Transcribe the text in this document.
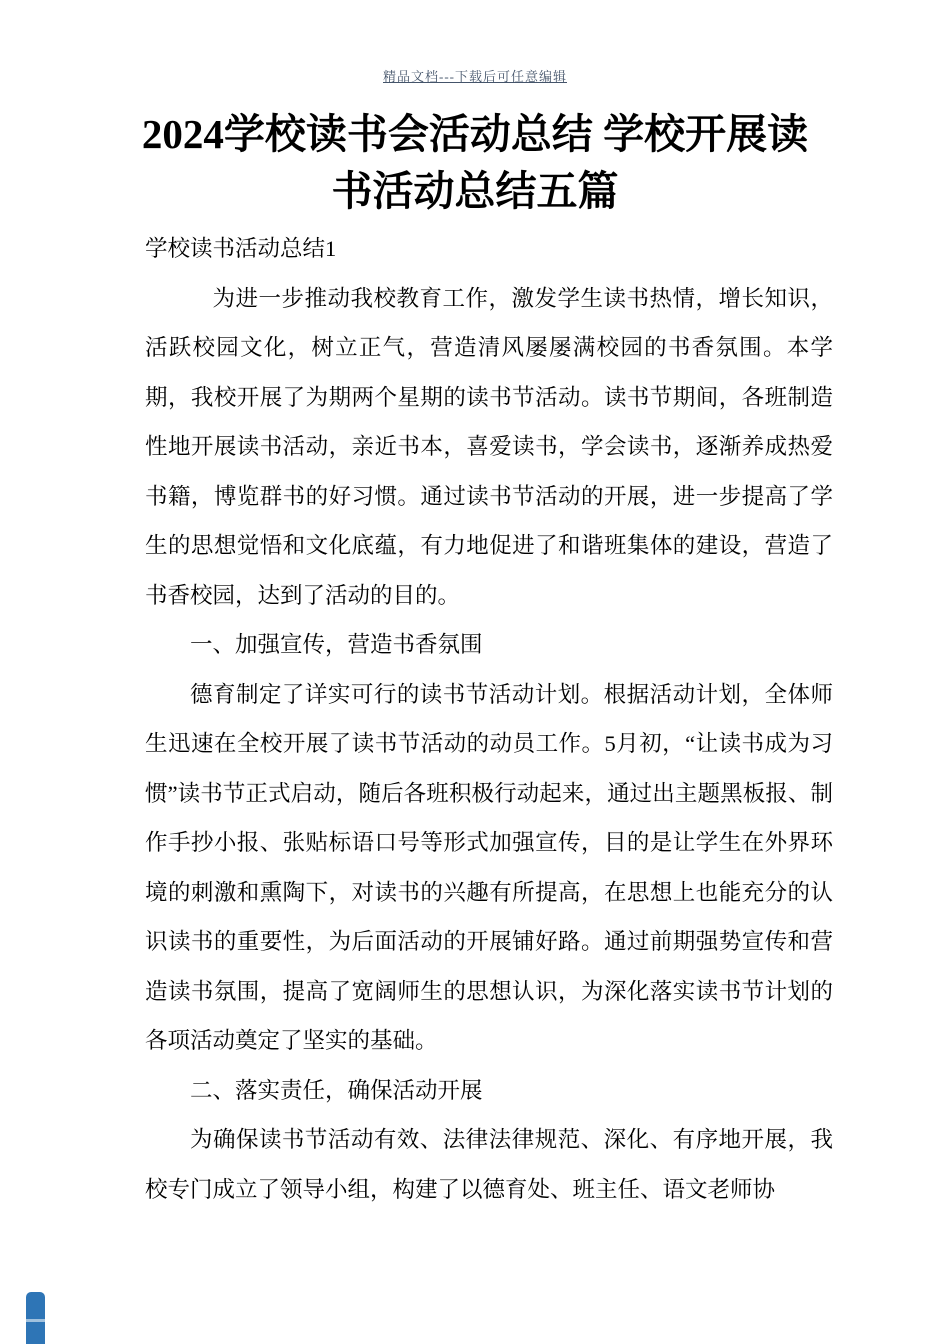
精品文档---下载后可任意编辑
2024学校读书会活动总结 学校开展读
书活动总结五篇

学校读书活动总结1

为进一步推动我校教育工作，激发学生读书热情，增长知识，活跃校园文化，树立正气，营造清风屡屡满校园的书香氛围。本学期，我校开展了为期两个星期的读书节活动。读书节期间，各班制造性地开展读书活动，亲近书本，喜爱读书，学会读书，逐渐养成热爱书籍，博览群书的好习惯。通过读书节活动的开展，进一步提高了学生的思想觉悟和文化底蕴，有力地促进了和谐班集体的建设，营造了书香校园，达到了活动的目的。

一、加强宣传，营造书香氛围

德育制定了详实可行的读书节活动计划。根据活动计划，全体师生迅速在全校开展了读书节活动的动员工作。5月初，“让读书成为习惯”读书节正式启动，随后各班积极行动起来，通过出主题黑板报、制作手抄小报、张贴标语口号等形式加强宣传，目的是让学生在外界环境的刺激和熏陶下，对读书的兴趣有所提高，在思想上也能充分的认识读书的重要性，为后面活动的开展铺好路。通过前期强势宣传和营造读书氛围，提高了宽阔师生的思想认识，为深化落实读书节计划的各项活动奠定了坚实的基础。

二、落实责任，确保活动开展

为确保读书节活动有效、法律法律规范、深化、有序地开展，我校专门成立了领导小组，构建了以德育处、班主任、语文老师协
